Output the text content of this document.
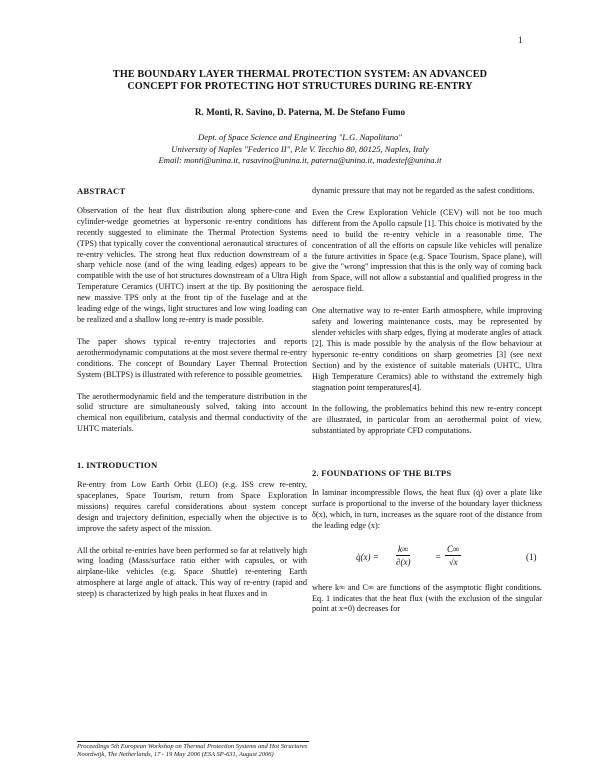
1
THE BOUNDARY LAYER THERMAL PROTECTION SYSTEM: AN ADVANCED
CONCEPT FOR PROTECTING HOT STRUCTURES DURING RE-ENTRY
R. Monti, R. Savino, D. Paterna, M. De Stefano Fumo
Dept. of Space Science and Engineering "L.G. Napolitano"
University of Naples "Federico II", P.le V. Tecchio 80, 80125, Naples, Italy
Email: monti@unina.it, rasavino@unina.it, paterna@unina.it, madestef@unina.it
ABSTRACT

Observation of the heat flux distribution along sphere-cone and cylinder-wedge geometries at hypersonic re-entry conditions has recently suggested to eliminate the Thermal Protection Systems (TPS) that typically cover the conventional aeronautical structures of re-entry vehicles. The strong heat flux reduction downstream of a sharp vehicle nose (and of the wing leading edges) appears to be compatible with the use of hot structures downstream of a Ultra High Temperature Ceramics (UHTC) insert at the tip. By positioning the new massive TPS only at the front tip of the fuselage and at the leading edge of the wings, light structures and low wing loading can be realized and a shallow long re-entry is made possible.

The paper shows typical re-entry trajectories and reports aerothermodynamic computations at the most severe thermal re-entry conditions. The concept of Boundary Layer Thermal Protection System (BLTPS) is illustrated with reference to possible geometries.

The aerothermodynamic field and the temperature distribution in the solid structure are simultaneously solved, taking into account chemical non equilibrium, catalysis and thermal conductivity of the UHTC materials.

1. INTRODUCTION

Re-entry from Low Earth Orbit (LEO) (e.g. ISS crew re-entry, spaceplanes, Space Tourism, return from Space Exploration missions) requires careful considerations about system concept design and trajectory definition, especially when the objective is to improve the safety aspect of the mission.

All the orbital re-entries have been performed so far at relatively high wing loading (Mass/surface ratio either with capsules, or with airplane-like vehicles (e.g. Space Shuttle) re-entering Earth atmosphere at large angle of attack. This way of re-entry (rapid and steep) is characterized by high peaks in heat fluxes and in

dynamic pressure that may not be regarded as the safest conditions.

Even the Crew Exploration Vehicle (CEV) will not be too much different from the Apollo capsule [1]. This choice is motivated by the need to build the re-entry vehicle in a reasonable time. The concentration of all the efforts on capsule like vehicles will penalize the future activities in Space (e.g. Space Tourism, Space plane), will give the "wrong" impression that this is the only way of coming back from Space, will not allow a substantial and qualified progress in the aerospace field.

One alternative way to re-enter Earth atmosphere, while improving safety and lowering maintenance costs, may be represented by slender vehicles with sharp edges, flying at moderate angles of attack [2]. This is made possible by the analysis of the flow behaviour at hypersonic re-entry conditions on sharp geometries [3] (see next Section) and by the existence of suitable materials (UHTC, Ultra High Temperature Ceramics) able to withstand the extremely high stagnation point temperatures[4].

In the following, the problematics behind this new re-entry concept are illustrated, in particular from an aerothermal point of view, substantiated by appropriate CFD computations.

2. FOUNDATIONS OF THE BLTPS

In laminar incompressible flows, the heat flux (q̇) over a plate like surface is proportional to the inverse of the boundary layer thickness δ(x), which, in turn, increases as the square root of the distance from the leading edge (x):

q̇(x) = $\frac{k\infty}{\partial(x)}$	= $\frac{C\infty}{√x}$	(1)

where k∞ and C∞ are functions of the asymptotic flight conditions. Eq. 1 indicates that the heat flux (with the exclusion of the singular point at x=0) decreases for

Proceedings 5th European Workshop on Thermal Protection Systems and Hot Structures
Noordwijk, The Netherlands, 17 - 19 May 2006 (ESA SP-631, August 2006)
